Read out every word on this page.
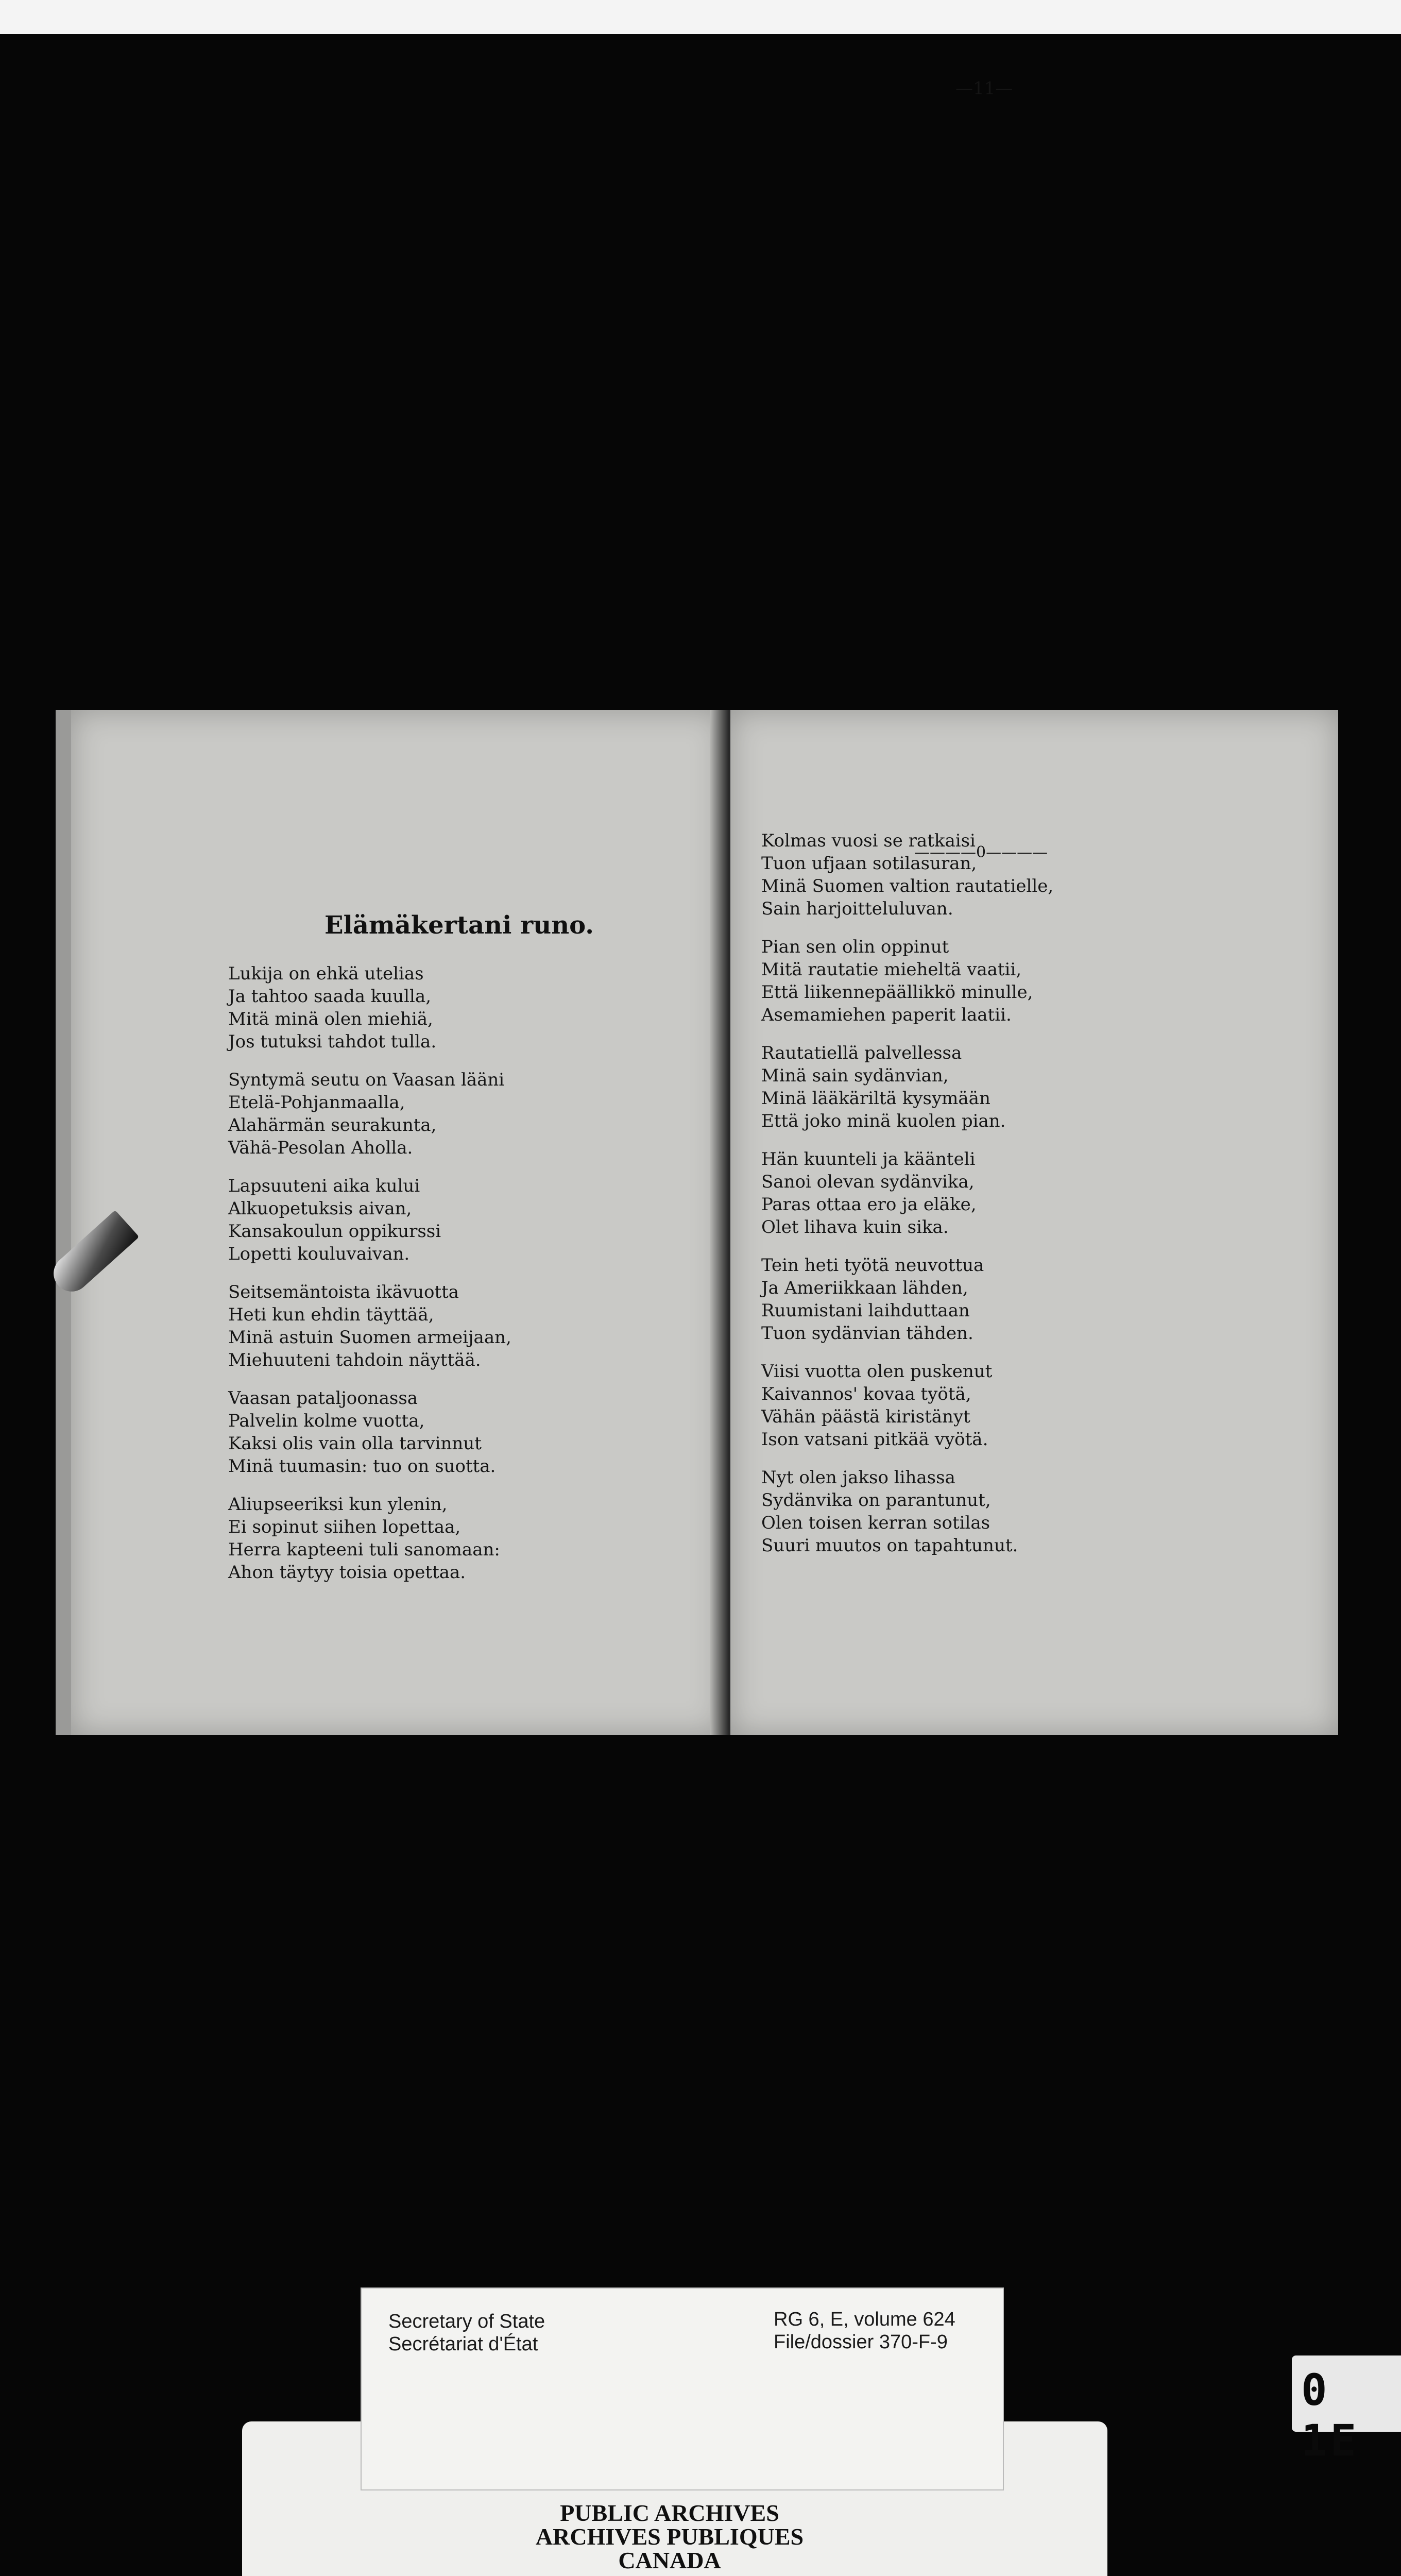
Elämäkertani runo.
Lukija on ehkä utelias
Ja tahtoo saada kuulla,
Mitä minä olen miehiä,
Jos tutuksi tahdot tulla.
Syntymä seutu on Vaasan lääni
Etelä-Pohjanmaalla,
Alahärmän seurakunta,
Vähä-Pesolan Aholla.
Lapsuuteni aika kului
Alkuopetuksis aivan,
Kansakoulun oppikurssi
Lopetti kouluvaivan.
Seitsemäntoista ikävuotta
Heti kun ehdin täyttää,
Minä astuin Suomen armeijaan,
Miehuuteni tahdoin näyttää.
Vaasan pataljoonassa
Palvelin kolme vuotta,
Kaksi olis vain olla tarvinnut
Minä tuumasin: tuo on suotta.
Aliupseeriksi kun ylenin,
Ei sopinut siihen lopettaa,
Herra kapteeni tuli sanomaan:
Ahon täytyy toisia opettaa.
Kolmas vuosi se ratkaisi
Tuon ufjaan sotilasuran,
Minä Suomen valtion rautatielle,
Sain harjoitteluluvan.
Pian sen olin oppinut
Mitä rautatie mieheltä vaatii,
Että liikennepäällikkö minulle,
Asemamiehen paperit laatii.
Rautatiellä palvellessa
Minä sain sydänvian,
Minä lääkäriltä kysymään
Että joko minä kuolen pian.
Hän kuunteli ja käänteli
Sanoi olevan sydänvika,
Paras ottaa ero ja eläke,
Olet lihava kuin sika.
Tein heti työtä neuvottua
Ja Ameriikkaan lähden,
Ruumistani laihduttaan
Tuon sydänvian tähden.
Viisi vuotta olen puskenut
Kaivannos' kovaa työtä,
Vähän päästä kiristänyt
Ison vatsani pitkää vyötä.
Nyt olen jakso lihassa
Sydänvika on parantunut,
Olen toisen kerran sotilas
Suuri muutos on tapahtunut.
—11—
————0————
Secretary of State
Secrétariat d'État
RG 6, E, volume 624
File/dossier 370-F-9
PUBLIC ARCHIVES
ARCHIVES PUBLIQUES
CANADA
0 1E
